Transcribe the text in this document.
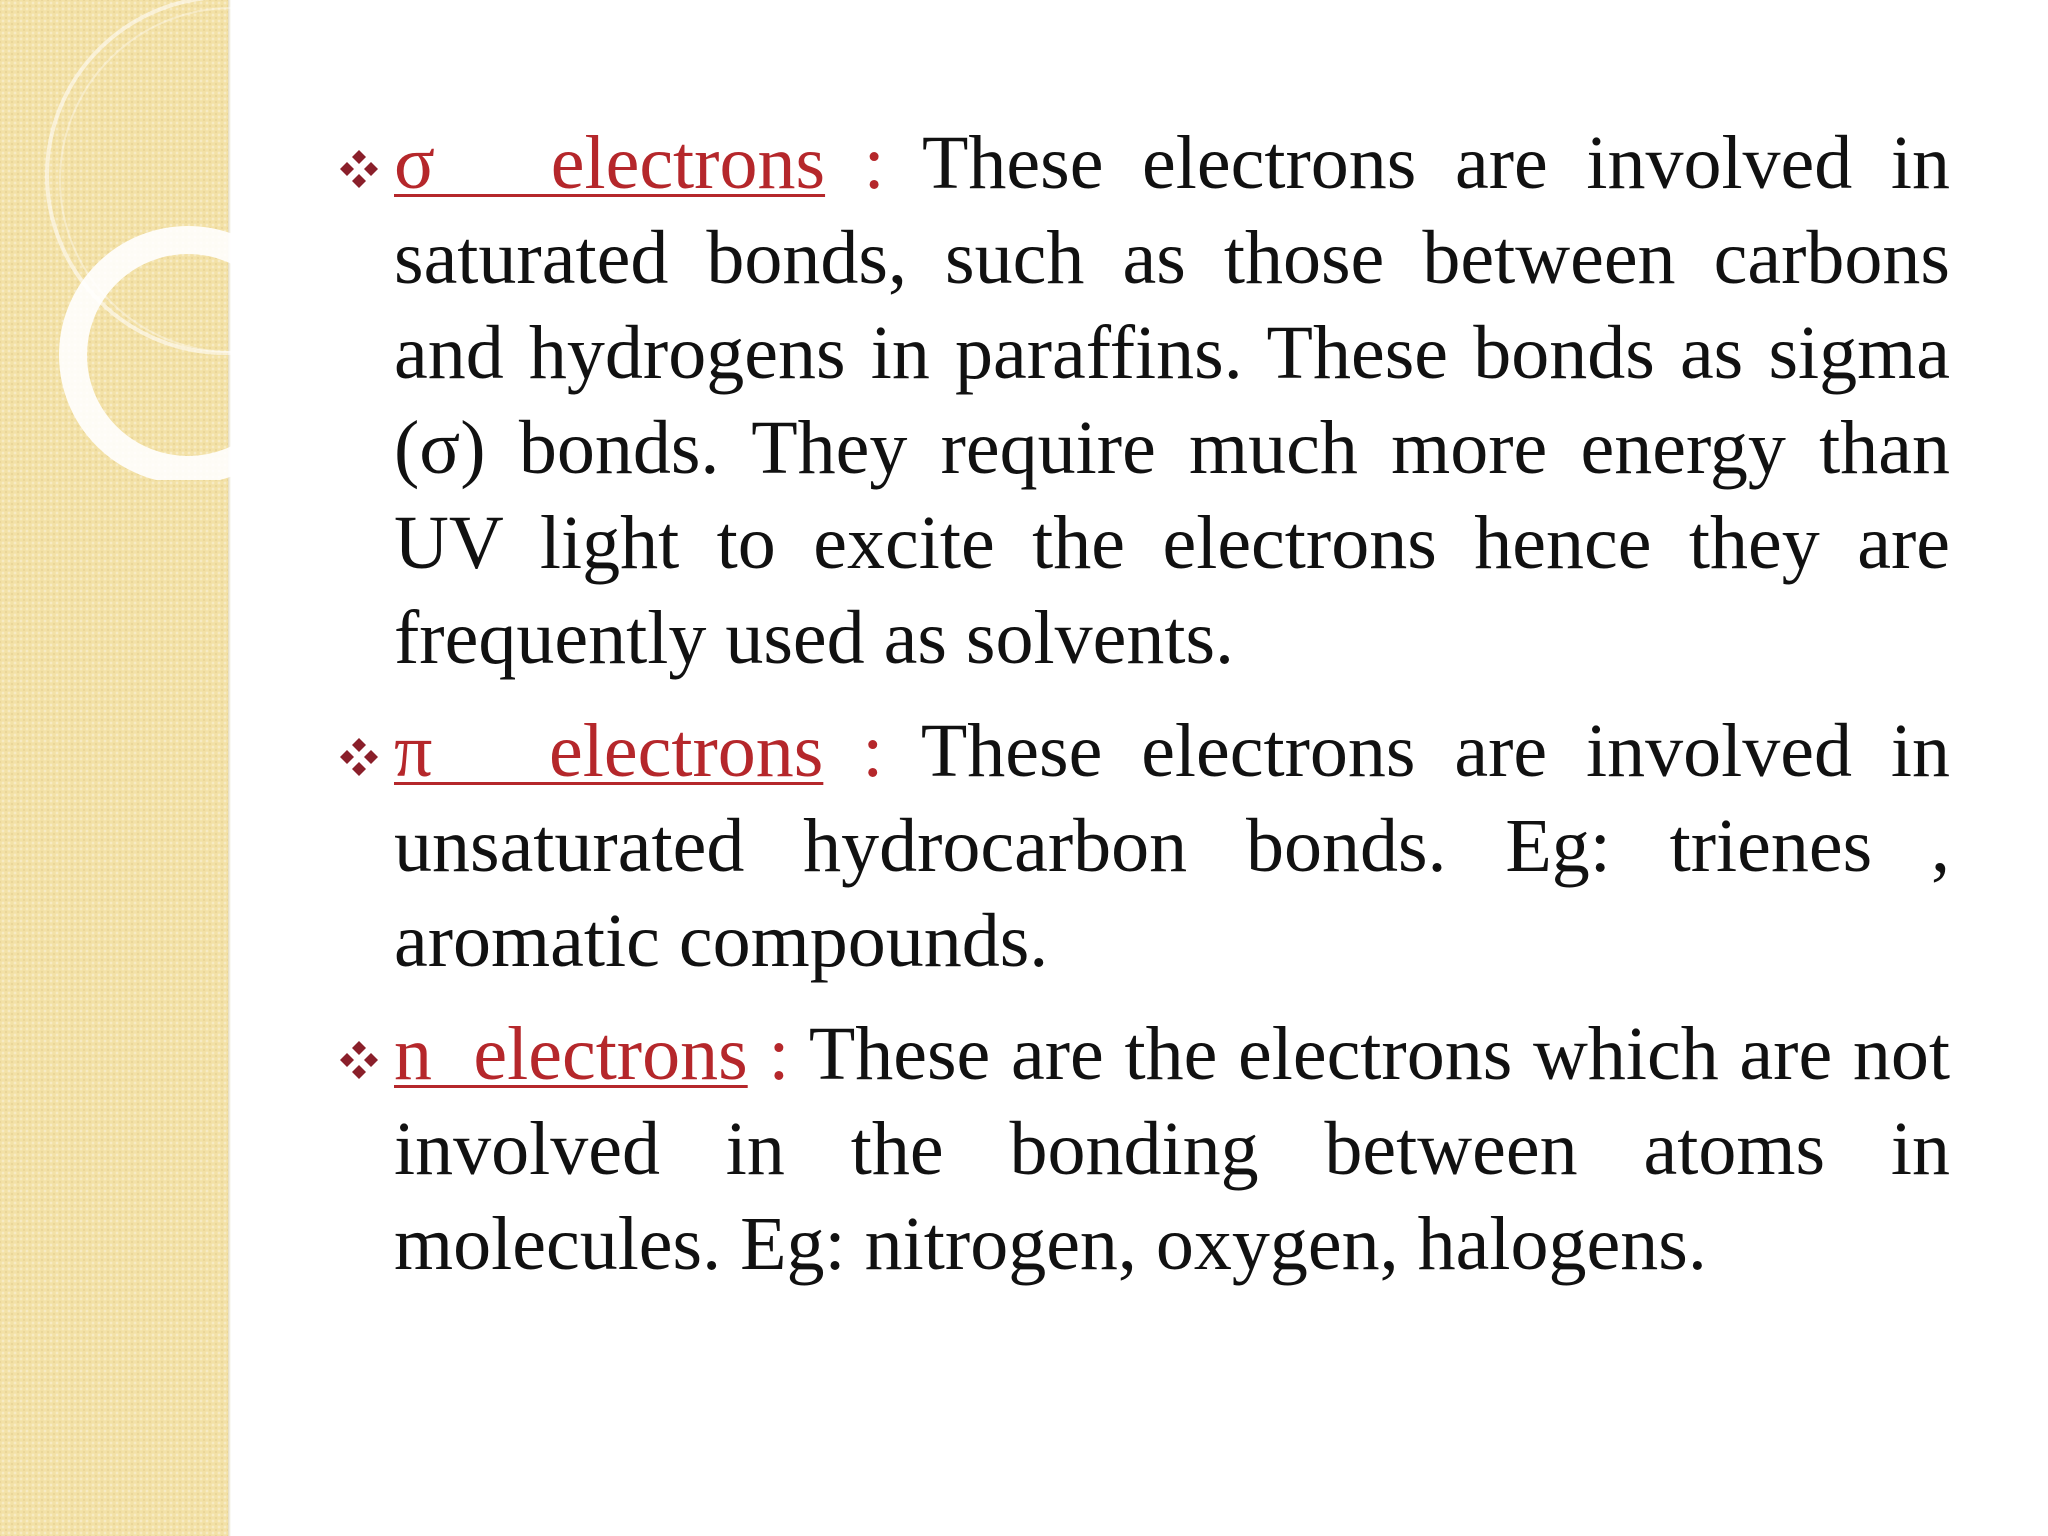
σ   electrons : These electrons are involved in saturated bonds, such as those between carbons and hydrogens in paraffins. These bonds as sigma (σ) bonds. They require much more energy than UV light to excite the electrons hence they are frequently used as solvents.
π   electrons : These electrons are involved in unsaturated hydrocarbon bonds. Eg: trienes , aromatic compounds.
n  electrons : These are the electrons which are not involved in the bonding between atoms in molecules. Eg: nitrogen, oxygen, halogens.
